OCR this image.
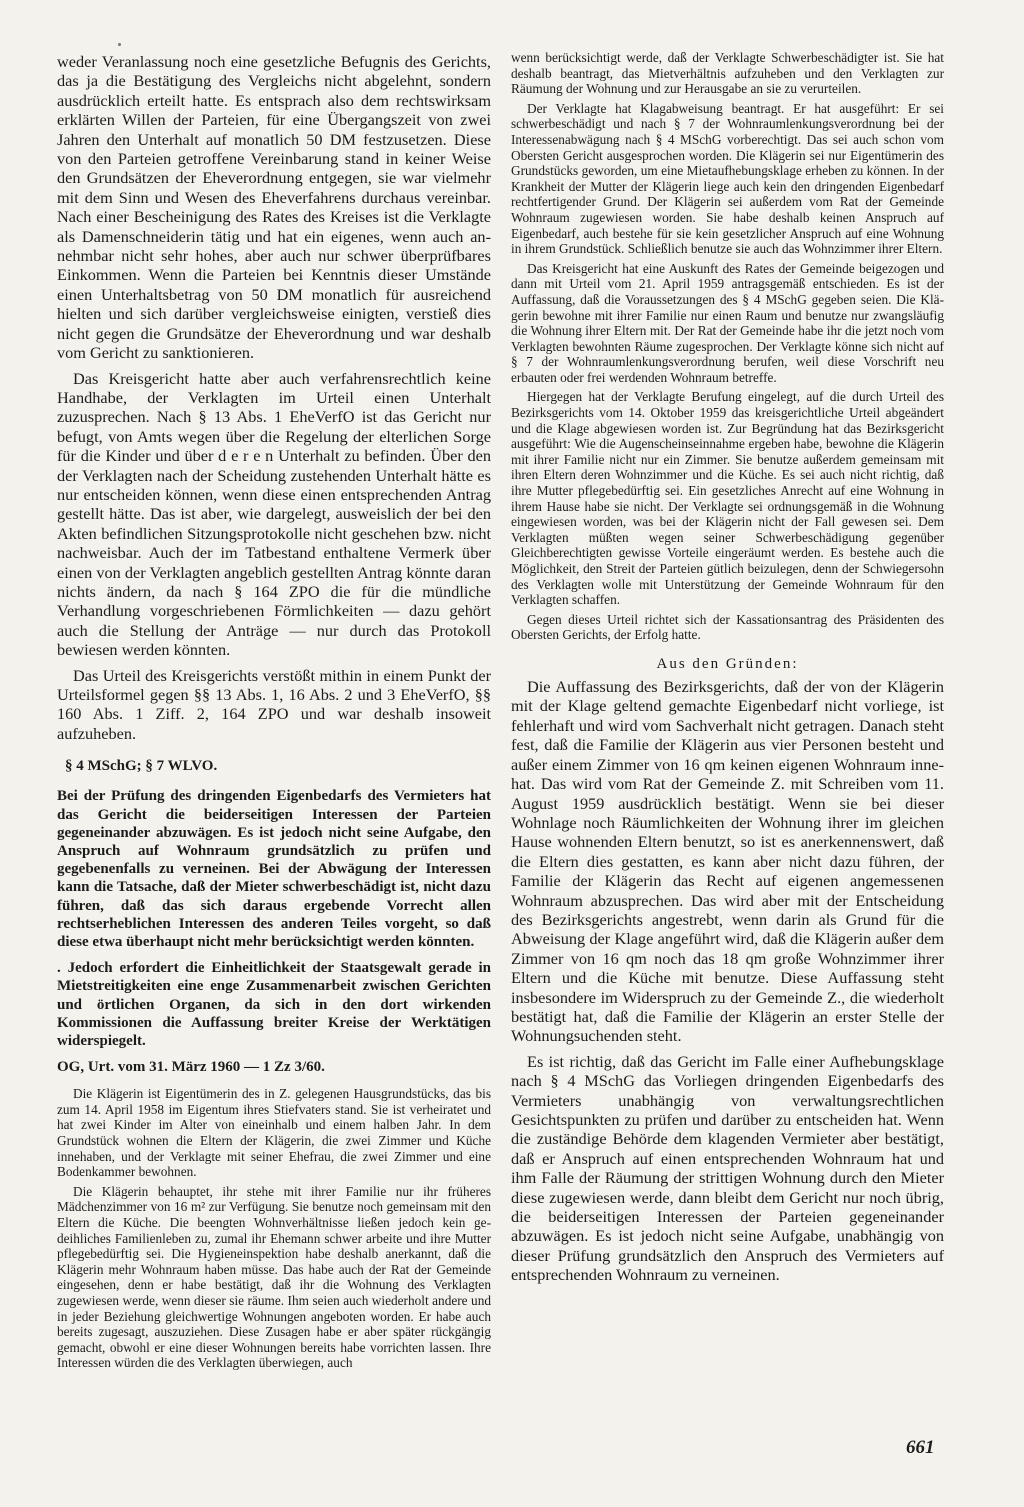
weder Veranlassung noch eine gesetzliche Befugnis des Gerichts, das ja die Bestätigung des Vergleichs nicht abgelehnt, sondern ausdrücklich erteilt hatte. Es entsprach also dem rechtswirksam erklärten Willen der Parteien, für eine Übergangszeit von zwei Jahren den Unterhalt auf monatlich 50 DM festzusetzen. Diese von den Parteien getroffene Vereinbarung stand in keiner Weise den Grundsätzen der Eheverordnung entgegen, sie war vielmehr mit dem Sinn und Wesen des Eheverfahrens durchaus vereinbar. Nach einer Bescheinigung des Rates des Kreises ist die Verklagte als Damenschneiderin tätig und hat ein eigenes, wenn auch annehmbar nicht sehr hohes, aber auch nur schwer überprüfbares Einkommen. Wenn die Parteien bei Kenntnis dieser Umstände einen Unterhaltsbetrag von 50 DM monatlich für ausreichend hielten und sich darüber vergleichsweise einigten, verstieß dies nicht gegen die Grundsätze der Eheverordnung und war deshalb vom Gericht zu sanktionieren.

Das Kreisgericht hatte aber auch verfahrensrechtlich keine Handhabe, der Verklagten im Urteil einen Unterhalt zuzusprechen. Nach § 13 Abs. 1 EheVerfO ist das Gericht nur befugt, von Amts wegen über die Regelung der elterlichen Sorge für die Kinder und über d e r e n Unterhalt zu befinden. Über den der Verklagten nach der Scheidung zustehenden Unterhalt hätte es nur entscheiden können, wenn diese einen entsprechenden Antrag gestellt hätte. Das ist aber, wie dargelegt, ausweislich der bei den Akten befindlichen Sitzungsprotokolle nicht geschehen bzw. nicht nachweisbar. Auch der im Tatbestand enthaltene Vermerk über einen von der Verklagten angeblich gestellten Antrag könnte daran nichts ändern, da nach § 164 ZPO die für die mündliche Verhandlung vorgeschriebenen Förmlichkeiten — dazu gehört auch die Stellung der Anträge — nur durch das Protokoll bewiesen werden könnten.

Das Urteil des Kreisgerichts verstößt mithin in einem Punkt der Urteilsformel gegen §§ 13 Abs. 1, 16 Abs. 2 und 3 EheVerfO, §§ 160 Abs. 1 Ziff. 2, 164 ZPO und war deshalb insoweit aufzuheben.

§ 4 MSchG; § 7 WLVO.

Bei der Prüfung des dringenden Eigenbedarfs des Vermieters hat das Gericht die beiderseitigen Interessen der Parteien gegeneinander abzuwägen. Es ist jedoch nicht seine Aufgabe, den Anspruch auf Wohnraum grundsätzlich zu prüfen und gegebenenfalls zu verneinen. Bei der Abwägung der Interessen kann die Tatsache, daß der Mieter schwerbeschädigt ist, nicht dazu führen, daß das sich daraus ergebende Vorrecht allen rechtserheblichen Interessen des anderen Teiles vorgeht, so daß diese etwa überhaupt nicht mehr berücksichtigt werden könnten.

. Jedoch erfordert die Einheitlichkeit der Staatsgewalt gerade in Mietstreitigkeiten eine enge Zusammenarbeit zwischen Gerichten und örtlichen Organen, da sich in den dort wirkenden Kommissionen die Auffassung breiter Kreise der Werktätigen widerspiegelt.

OG, Urt. vom 31. März 1960 — 1 Zz 3/60.

Die Klägerin ist Eigentümerin des in Z. gelegenen Hausgrundstücks, das bis zum 14. April 1958 im Eigentum ihres Stiefvaters stand. Sie ist verheiratet und hat zwei Kinder im Alter von eineinhalb und einem halben Jahr. In dem Grundstück wohnen die Eltern der Klägerin, die zwei Zimmer und Küche innehaben, und der Verklagte mit seiner Ehefrau, die zwei Zimmer und eine Bodenkammer bewohnen.

Die Klägerin behauptet, ihr stehe mit ihrer Familie nur ihr früheres Mädchenzimmer von 16 m² zur Verfügung. Sie benutze noch gemeinsam mit den Eltern die Küche. Die beengten Wohnverhältnisse ließen jedoch kein gedeihliches Familienleben zu, zumal ihr Ehemann schwer arbeite und ihre Mutter pflegebedürftig sei. Die Hygieneinspektion habe deshalb anerkannt, daß die Klägerin mehr Wohnraum haben müsse. Das habe auch der Rat der Gemeinde eingesehen, denn er habe bestätigt, daß ihr die Wohnung des Verklagten zugewiesen werde, wenn dieser sie räume. Ihm seien auch wiederholt andere und in jeder Beziehung gleichwertige Wohnungen angeboten worden. Er habe auch bereits zugesagt, auszuziehen. Diese Zusagen habe er aber später rückgängig gemacht, obwohl er eine dieser Wohnungen bereits habe vorrichten lassen. Ihre Interessen würden die des Verklagten überwiegen, auch

wenn berücksichtigt werde, daß der Verklagte Schwerbeschädigter ist. Sie hat deshalb beantragt, das Mietverhältnis aufzuheben und den Verklagten zur Räumung der Wohnung und zur Herausgabe an sie zu verurteilen.

Der Verklagte hat Klagabweisung beantragt. Er hat ausgeführt: Er sei schwerbeschädigt und nach § 7 der Wohnraumlenkungsverordnung bei der Interessenabwägung nach § 4 MSchG vorberechtigt. Das sei auch schon vom Obersten Gericht ausgesprochen worden. Die Klägerin sei nur Eigentümerin des Grundstücks geworden, um eine Mietaufhebungsklage erheben zu können. In der Krankheit der Mutter der Klägerin liege auch kein den dringenden Eigenbedarf rechtfertigender Grund. Der Klägerin sei außerdem vom Rat der Gemeinde Wohnraum zugewiesen worden. Sie habe deshalb keinen Anspruch auf Eigenbedarf, auch bestehe für sie kein gesetzlicher Anspruch auf eine Wohnung in ihrem Grundstück. Schließlich benutze sie auch das Wohnzimmer ihrer Eltern.

Das Kreisgericht hat eine Auskunft des Rates der Gemeinde beigezogen und dann mit Urteil vom 21. April 1959 antragsgemäß entschieden. Es ist der Auffassung, daß die Voraussetzungen des § 4 MSchG gegeben seien. Die Klägerin bewohne mit ihrer Familie nur einen Raum und benutze nur zwangsläufig die Wohnung ihrer Eltern mit. Der Rat der Gemeinde habe ihr die jetzt noch vom Verklagten bewohnten Räume zugesprochen. Der Verklagte könne sich nicht auf § 7 der Wohnraumlenkungsverordnung berufen, weil diese Vorschrift neu erbauten oder frei werdenden Wohnraum betreffe.

Hiergegen hat der Verklagte Berufung eingelegt, auf die durch Urteil des Bezirksgerichts vom 14. Oktober 1959 das kreisgerichtliche Urteil abgeändert und die Klage abgewiesen worden ist. Zur Begründung hat das Bezirksgericht ausgeführt: Wie die Augenscheinseinnahme ergeben habe, bewohne die Klägerin mit ihrer Familie nicht nur ein Zimmer. Sie benutze außerdem gemeinsam mit ihren Eltern deren Wohnzimmer und die Küche. Es sei auch nicht richtig, daß ihre Mutter pflegebedürftig sei. Ein gesetzliches Anrecht auf eine Wohnung in ihrem Hause habe sie nicht. Der Verklagte sei ordnungsgemäß in die Wohnung eingewiesen worden, was bei der Klägerin nicht der Fall gewesen sei. Dem Verklagten müßten wegen seiner Schwerbeschädigung gegenüber Gleichberechtigten gewisse Vorteile eingeräumt werden. Es bestehe auch die Möglichkeit, den Streit der Parteien gütlich beizulegen, denn der Schwiegersohn des Verklagten wolle mit Unterstützung der Gemeinde Wohnraum für den Verklagten schaffen.

Gegen dieses Urteil richtet sich der Kassationsantrag des Präsidenten des Obersten Gerichts, der Erfolg hatte.

Aus den Gründen:

Die Auffassung des Bezirksgerichts, daß der von der Klägerin mit der Klage geltend gemachte Eigenbedarf nicht vorliege, ist fehlerhaft und wird vom Sachverhalt nicht getragen. Danach steht fest, daß die Familie der Klägerin aus vier Personen besteht und außer einem Zimmer von 16 qm keinen eigenen Wohnraum innehat. Das wird vom Rat der Gemeinde Z. mit Schreiben vom 11. August 1959 ausdrücklich bestätigt. Wenn sie bei dieser Wohnlage noch Räumlichkeiten der Wohnung ihrer im gleichen Hause wohnenden Eltern benutzt, so ist es anerkennenswert, daß die Eltern dies gestatten, es kann aber nicht dazu führen, der Familie der Klägerin das Recht auf eigenen angemessenen Wohnraum abzusprechen. Das wird aber mit der Entscheidung des Bezirksgerichts angestrebt, wenn darin als Grund für die Abweisung der Klage angeführt wird, daß die Klägerin außer dem Zimmer von 16 qm noch das 18 qm große Wohnzimmer ihrer Eltern und die Küche mit benutze. Diese Auffassung steht insbesondere im Widerspruch zu der Gemeinde Z., die wiederholt bestätigt hat, daß die Familie der Klägerin an erster Stelle der Wohnungsuchenden steht.

Es ist richtig, daß das Gericht im Falle einer Aufhebungsklage nach § 4 MSchG das Vorliegen dringenden Eigenbedarfs des Vermieters unabhängig von verwaltungsrechtlichen Gesichtspunkten zu prüfen und darüber zu entscheiden hat. Wenn die zuständige Behörde dem klagenden Vermieter aber bestätigt, daß er Anspruch auf einen entsprechenden Wohnraum hat und ihm Falle der Räumung der strittigen Wohnung durch den Mieter diese zugewiesen werde, dann bleibt dem Gericht nur noch übrig, die beiderseitigen Interessen der Parteien gegeneinander abzuwägen. Es ist jedoch nicht seine Aufgabe, unabhängig von dieser Prüfung grundsätzlich den Anspruch des Vermieters auf entsprechenden Wohnraum zu verneinen.

661
